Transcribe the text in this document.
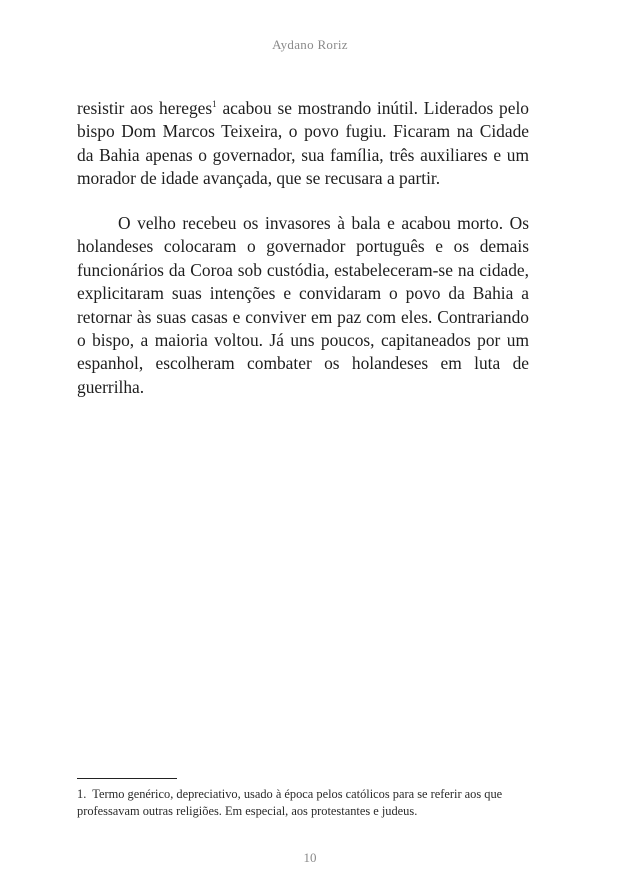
Aydano Roriz

resistir aos hereges$^1$ acabou se mostrando inútil. Liderados pelo bispo Dom Marcos Teixeira, o povo fugiu. Ficaram na Cidade da Bahia apenas o governador, sua família, três auxiliares e um morador de idade avançada, que se recusara a partir.

O velho recebeu os invasores à bala e acabou morto. Os holandeses colocaram o governador português e os demais funcionários da Coroa sob custódia, estabeleceram-se na cidade, explicitaram suas intenções e convidaram o povo da Bahia a retornar às suas casas e conviver em paz com eles. Contrariando o bispo, a maioria voltou. Já uns poucos, capitaneados por um espanhol, escolheram combater os holandeses em luta de guerrilha.

1. Termo genérico, depreciativo, usado à época pelos católicos para se referir aos que professavam outras religiões. Em especial, aos protestantes e judeus.

10
